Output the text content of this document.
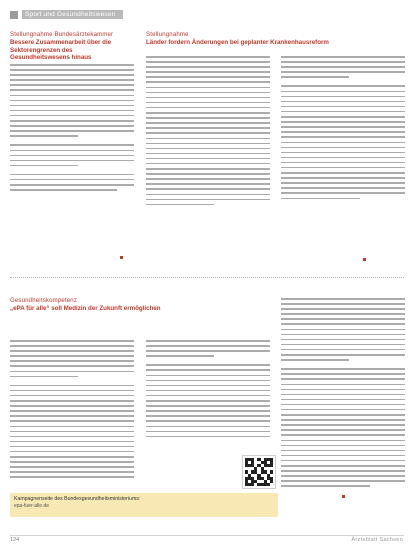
Sport und Gesundheitswesen
Stellungnahme Bundesärztekammer
Bessere Zusammenarbeit über die Sektorengrenzen des Gesundheitswesens hinaus
Stellungnahme
Länder fordern Änderungen bei geplanter Krankenhausreform
Gesundheitskompetenz
„ePA für alle“ soll Medizin der Zukunft ermöglichen
Kampagnenseite des Bundesgesundheitsministeriums:
epa-fuer-alle.de
124	Ärzteblatt Sachsen
